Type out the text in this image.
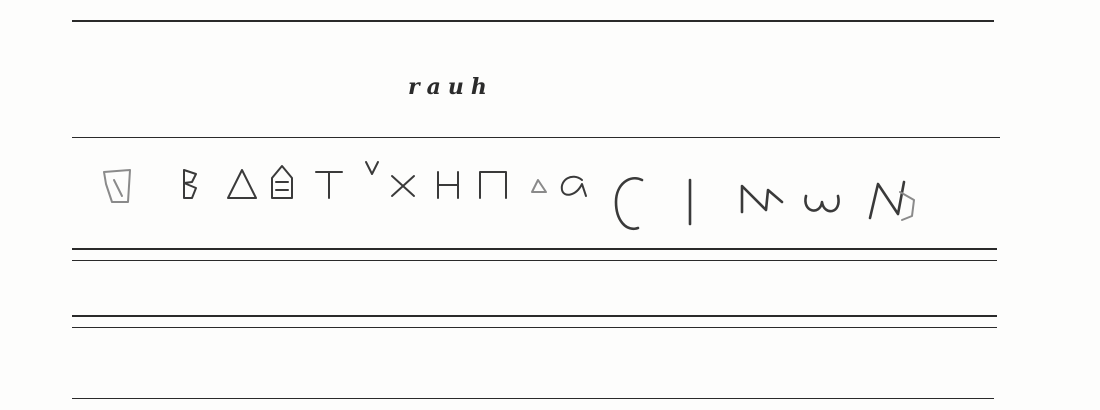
rauh
